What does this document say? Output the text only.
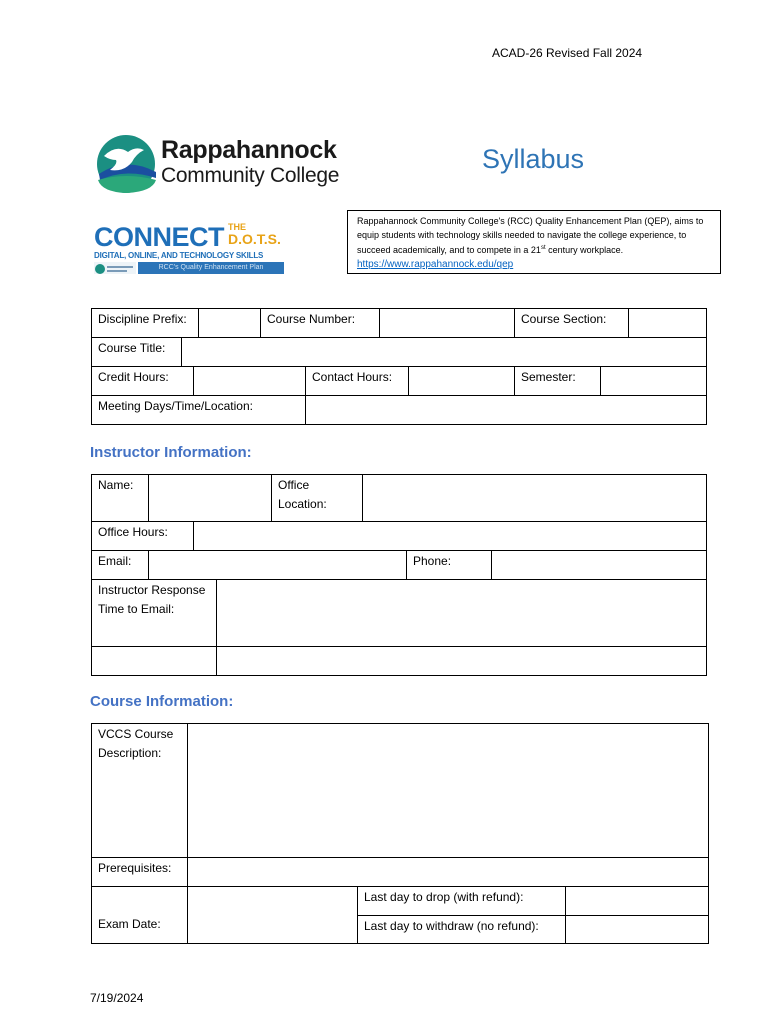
ACAD-26 Revised Fall 2024
Rappahannock
Community College
Syllabus
CONNECT THE
D.O.T.S.
DIGITAL, ONLINE, AND TECHNOLOGY SKILLS
RCC's Quality Enhancement Plan
Rappahannock Community College's (RCC) Quality Enhancement Plan (QEP), aims to equip students with technology skills needed to navigate the college experience, to succeed academically, and to compete in a 21st century workplace.
https://www.rappahannock.edu/qep
Discipline Prefix:	Course Number:	Course Section:
Course Title:
Credit Hours:	Contact Hours:	Semester:
Meeting Days/Time/Location:
Instructor Information:
Name:	Office Location:
Office Hours:
Email:	Phone:
Instructor Response Time to Email:
Course Information:
VCCS Course Description:
Prerequisites:
Exam Date:
Last day to drop (with refund):
Last day to withdraw (no refund):
7/19/2024
